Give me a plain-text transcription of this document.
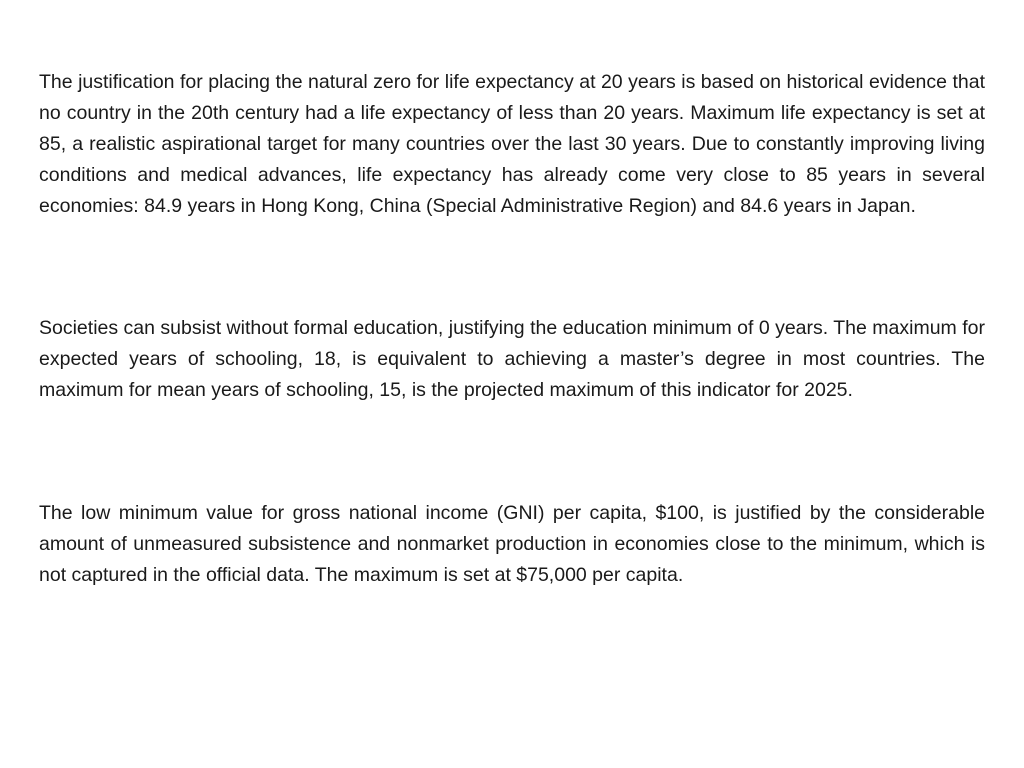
The justification for placing the natural zero for life expectancy at 20 years is based on historical evidence that no country in the 20th century had a life expectancy of less than 20 years. Maximum life expectancy is set at 85, a realistic aspirational target for many countries over the last 30 years. Due to constantly improving living conditions and medical advances, life expectancy has already come very close to 85 years in several economies: 84.9 years in Hong Kong, China (Special Administrative Region) and 84.6 years in Japan.

Societies can subsist without formal education, justifying the education minimum of 0 years. The maximum for expected years of schooling, 18, is equivalent to achieving a master’s degree in most countries. The maximum for mean years of schooling, 15, is the projected maximum of this indicator for 2025.

The low minimum value for gross national income (GNI) per capita, $100, is justified by the considerable amount of unmeasured subsistence and nonmarket production in economies close to the minimum, which is not captured in the official data. The maximum is set at $75,000 per capita.
